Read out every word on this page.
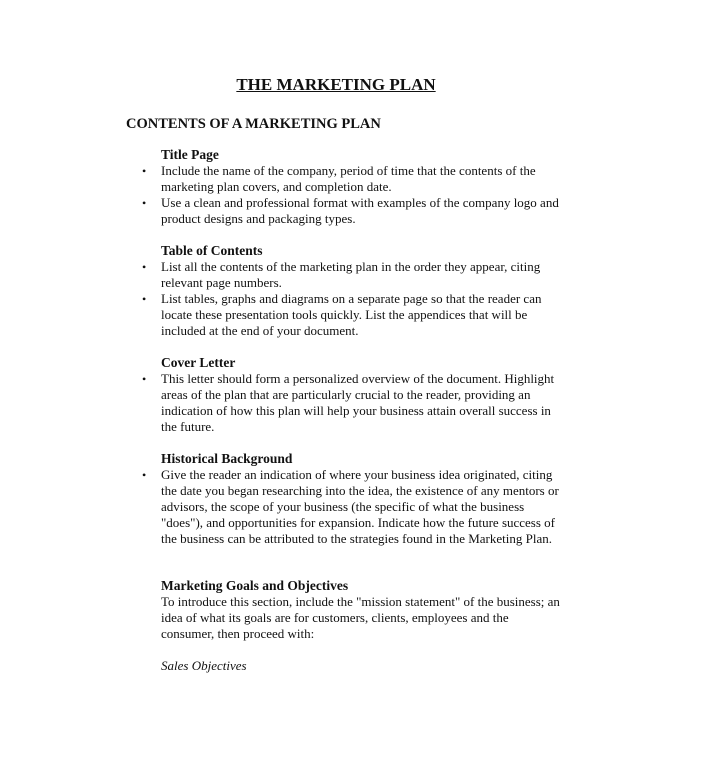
THE MARKETING PLAN
CONTENTS OF A MARKETING PLAN

Title Page

• Include the name of the company, period of time that the contents of the marketing plan covers, and completion date.
• Use a clean and professional format with examples of the company logo and product designs and packaging types.

Table of Contents

• List all the contents of the marketing plan in the order they appear, citing relevant page numbers.
• List tables, graphs and diagrams on a separate page so that the reader can locate these presentation tools quickly. List the appendices that will be included at the end of your document.

Cover Letter

• This letter should form a personalized overview of the document. Highlight areas of the plan that are particularly crucial to the reader, providing an indication of how this plan will help your business attain overall success in the future.

Historical Background

• Give the reader an indication of where your business idea originated, citing the date you began researching into the idea, the existence of any mentors or advisors, the scope of your business (the specific of what the business "does"), and opportunities for expansion. Indicate how the future success of the business can be attributed to the strategies found in the Marketing Plan.

Marketing Goals and Objectives

To introduce this section, include the "mission statement" of the business; an idea of what its goals are for customers, clients, employees and the consumer, then proceed with:

Sales Objectives
